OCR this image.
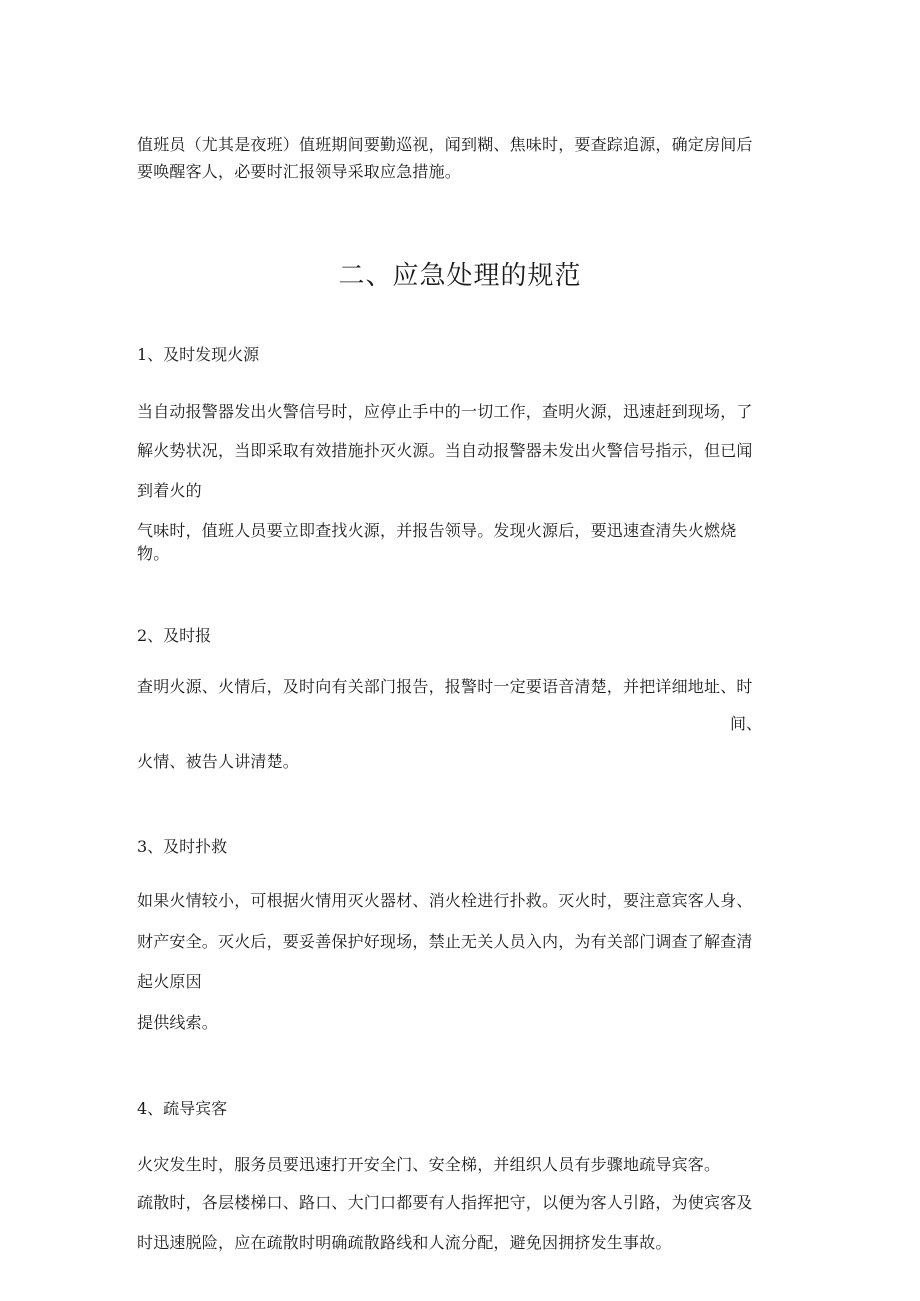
值班员（尤其是夜班）值班期间要勤巡视，闻到糊、焦味时，要查踪追源，确定房间后
要唤醒客人，必要时汇报领导采取应急措施。
二、应急处理的规范
1、及时发现火源
当自动报警器发出火警信号时，应停止手中的一切工作，查明火源，迅速赶到现场，了
解火势状况，当即采取有效措施扑灭火源。当自动报警器未发出火警信号指示，但已闻
到着火的
气味时，值班人员要立即查找火源，并报告领导。发现火源后，要迅速查清失火燃烧
物。
2、及时报
查明火源、火情后，及时向有关部门报告，报警时一定要语音清楚，并把详细地址、时
间、
火情、被告人讲清楚。
3、及时扑救
如果火情较小，可根据火情用灭火器材、消火栓进行扑救。灭火时，要注意宾客人身、
财产安全。灭火后，要妥善保护好现场，禁止无关人员入内，为有关部门调查了解查清
起火原因
提供线索。
4、疏导宾客
火灾发生时，服务员要迅速打开安全门、安全梯，并组织人员有步骤地疏导宾客。
疏散时，各层楼梯口、路口、大门口都要有人指挥把守，以便为客人引路，为使宾客及
时迅速脱险，应在疏散时明确疏散路线和人流分配，避免因拥挤发生事故。
